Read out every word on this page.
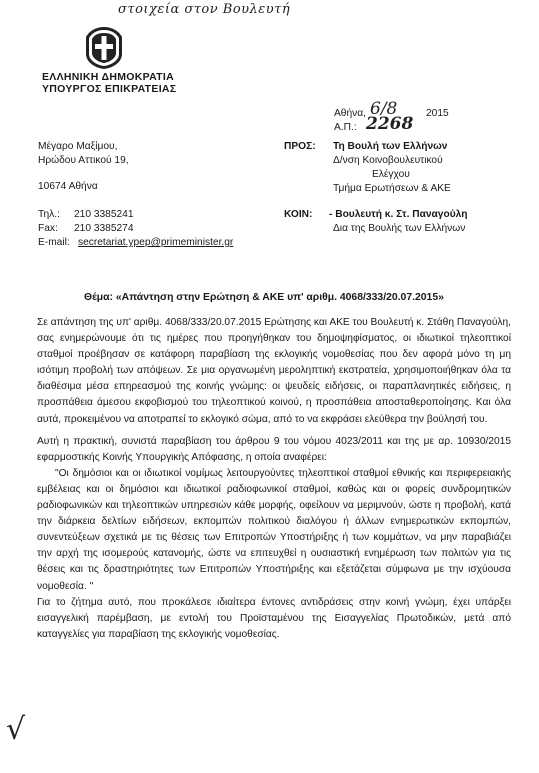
στοιχεία στον Βουλευτή
ΕΛΛΗΝΙΚΗ ΔΗΜΟΚΡΑΤΙΑ
ΥΠΟΥΡΓΟΣ ΕΠΙΚΡΑΤΕΙΑΣ
Αθήνα, 6/8	2015
Α.Π.: 2268
Μέγαρο Μαξίμου,
Ηρώδου Αττικού 19,
10674 Αθήνα
Τηλ.: 210 3385241
Fax: 210 3385274
E-mail: secretariat.ypep@primeminister.gr
ΠΡΟΣ: Τη Βουλή των Ελλήνων
Δ/νση Κοινοβουλευτικού
Ελέγχου
Τμήμα Ερωτήσεων & ΑΚΕ
ΚΟΙΝ: - Βουλευτή κ. Στ. Παναγούλη
Δια της Βουλής των Ελλήνων
Θέμα: «Απάντηση στην Ερώτηση & ΑΚΕ υπ' αριθμ. 4068/333/20.07.2015»

Σε απάντηση της υπ' αριθμ. 4068/333/20.07.2015 Ερώτησης και ΑΚΕ του Βουλευτή κ. Στάθη Παναγούλη, σας ενημερώνουμε ότι τις ημέρες που προηγήθηκαν του δημοψηφίσματος, οι ιδιωτικοί τηλεοπτικοί σταθμοί προέβησαν σε κατάφορη παραβίαση της εκλογικής νομοθεσίας που δεν αφορά μόνο τη μη ισότιμη προβολή των απόψεων. Σε μια οργανωμένη μεροληπτική εκστρατεία, χρησιμοποιήθηκαν όλα τα διαθέσιμα μέσα επηρεασμού της κοινής γνώμης: οι ψευδείς ειδήσεις, οι παραπλανητικές ειδήσεις, η προσπάθεια άμεσου εκφοβισμού του τηλεοπτικού κοινού, η προσπάθεια αποσταθεροποίησης. Και όλα αυτά, προκειμένου να αποτραπεί το εκλογικό σώμα, από το να εκφράσει ελεύθερα την βούλησή του.

Αυτή η πρακτική, συνιστά παραβίαση του άρθρου 9 του νόμου 4023/2011 και της με αρ. 10930/2015 εφαρμοστικής Κοινής Υπουργικής Απόφασης, η οποία αναφέρει:

"Οι δημόσιοι και οι ιδιωτικοί νομίμως λειτουργούντες τηλεοπτικοί σταθμοί εθνικής και περιφερειακής εμβέλειας και οι δημόσιοι και ιδιωτικοί ραδιοφωνικοί σταθμοί, καθώς και οι φορείς συνδρομητικών ραδιοφωνικών και τηλεοπτικών υπηρεσιών κάθε μορφής, οφείλουν να μεριμνούν, ώστε η προβολή, κατά την διάρκεια δελτίων ειδήσεων, εκπομπών πολιτικού διαλόγου ή άλλων ενημερωτικών εκπομπών, συνεντεύξεων σχετικά με τις θέσεις των Επιτροπών Υποστήριξης ή των κομμάτων, να μην παραβιάζει την αρχή της ισομερούς κατανομής, ώστε να επιτευχθεί η ουσιαστική ενημέρωση των πολιτών για τις θέσεις και τις δραστηριότητες των Επιτροπών Υποστήριξης και εξετάζεται σύμφωνα με την ισχύουσα νομοθεσία. "

Για το ζήτημα αυτό, που προκάλεσε ιδιαίτερα έντονες αντιδράσεις στην κοινή γνώμη, έχει υπάρξει εισαγγελική παρέμβαση, με εντολή του Προϊσταμένου της Εισαγγελίας Πρωτοδικών, μετά από καταγγελίες για παραβίαση της εκλογικής νομοθεσίας.

√
